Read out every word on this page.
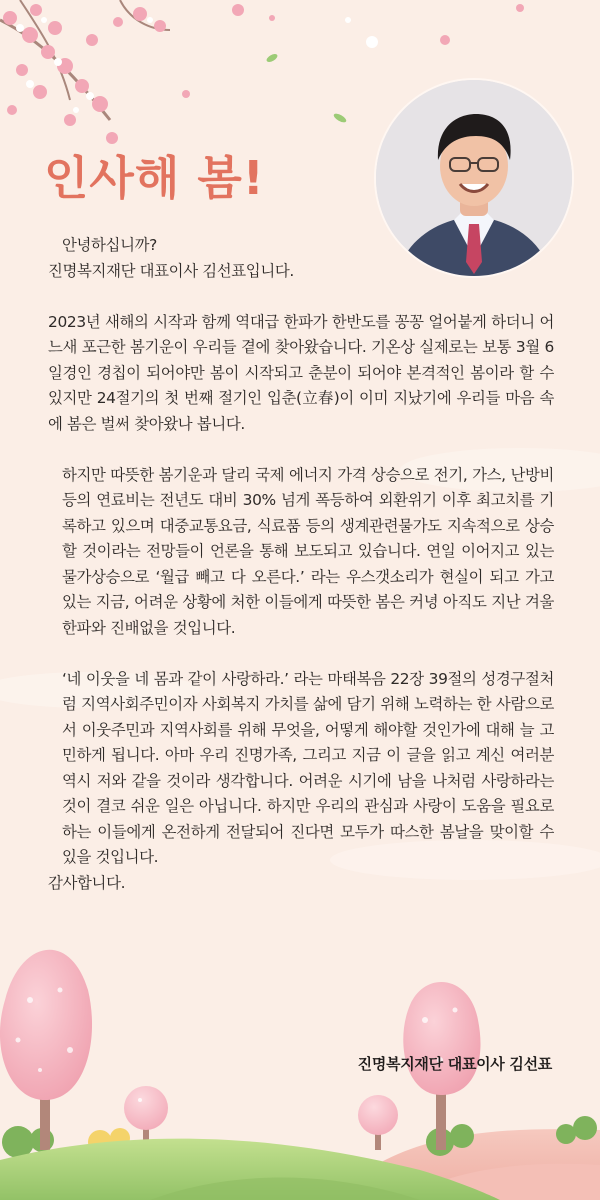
인사해 봄!

안녕하십니까?

진명복지재단 대표이사 김선표입니다.

2023년 새해의 시작과 함께 역대급 한파가 한반도를 꽁꽁 얼어붙게 하더니 어느새 포근한 봄기운이 우리들 곁에 찾아왔습니다. 기온상 실제로는 보통 3월 6일경인 경칩이 되어야만 봄이 시작되고 춘분이 되어야 본격적인 봄이라 할 수 있지만 24절기의 첫 번째 절기인 입춘(立春)이 이미 지났기에 우리들 마음 속에 봄은 벌써 찾아왔나 봅니다.

하지만 따뜻한 봄기운과 달리 국제 에너지 가격 상승으로 전기, 가스, 난방비 등의 연료비는 전년도 대비 30% 넘게 폭등하여 외환위기 이후 최고치를 기록하고 있으며 대중교통요금, 식료품 등의 생계관련물가도 지속적으로 상승할 것이라는 전망들이 언론을 통해 보도되고 있습니다. 연일 이어지고 있는 물가상승으로 ‘월급 빼고 다 오른다.’ 라는 우스갯소리가 현실이 되고 가고 있는 지금, 어려운 상황에 처한 이들에게 따뜻한 봄은 커녕 아직도 지난 겨울 한파와 진배없을 것입니다.

‘네 이웃을 네 몸과 같이 사랑하라.’ 라는 마태복음 22장 39절의 성경구절처럼 지역사회주민이자 사회복지 가치를 삶에 담기 위해 노력하는 한 사람으로서 이웃주민과 지역사회를 위해 무엇을, 어떻게 해야할 것인가에 대해 늘 고민하게 됩니다. 아마 우리 진명가족, 그리고 지금 이 글을 읽고 계신 여러분 역시 저와 같을 것이라 생각합니다. 어려운 시기에 남을 나처럼 사랑하라는 것이 결코 쉬운 일은 아닙니다. 하지만 우리의 관심과 사랑이 도움을 필요로 하는 이들에게 온전하게 전달되어 진다면 모두가 따스한 봄날을 맞이할 수 있을 것입니다.

감사합니다.

진명복지재단 대표이사 김선표
